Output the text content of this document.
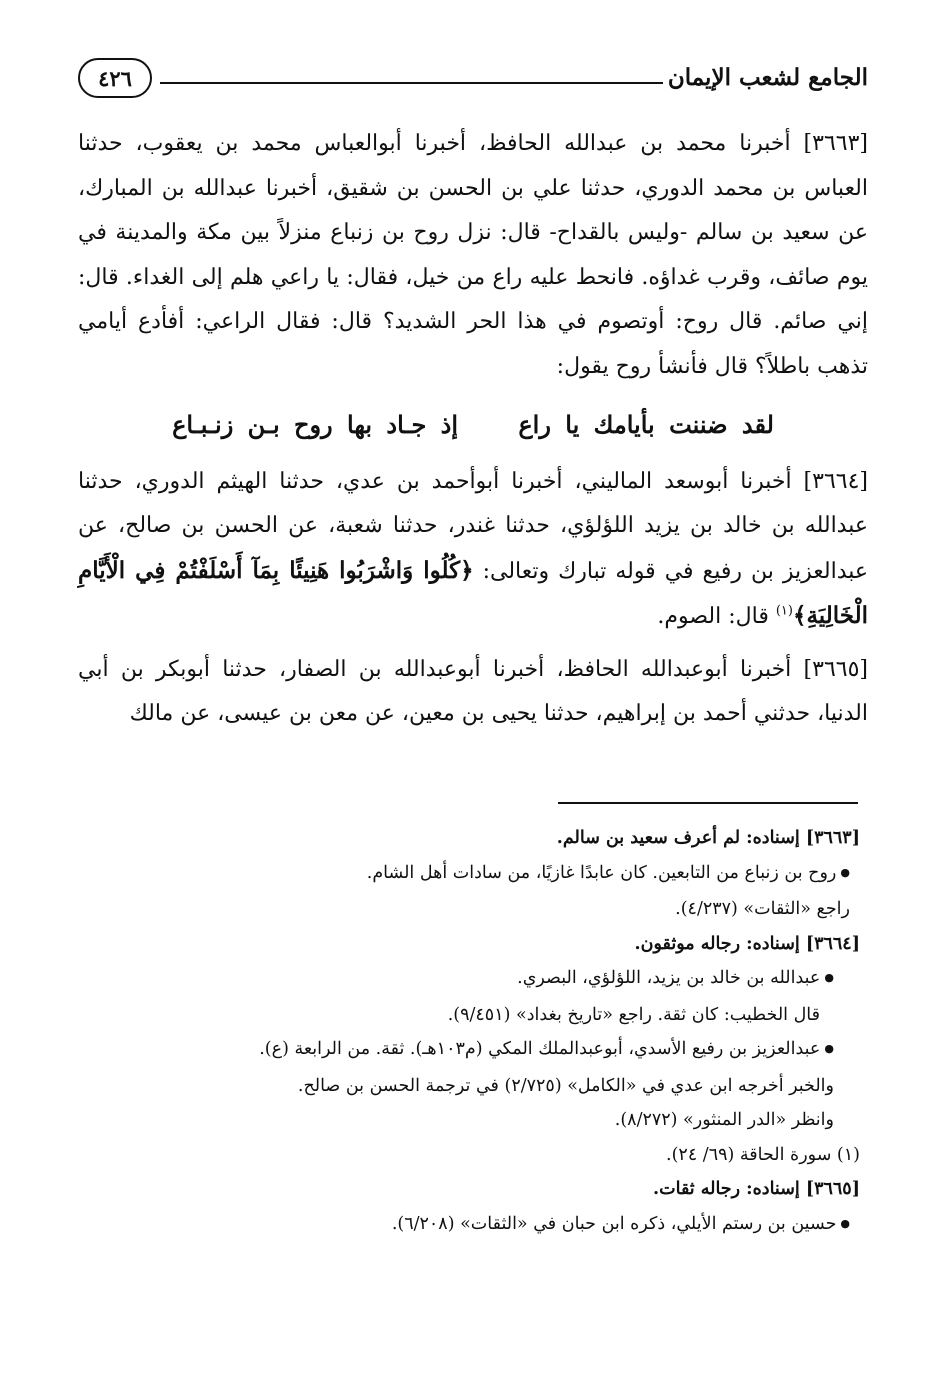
الجامع لشعب الإيمان
٤٢٦

[٣٦٦٣] أخبرنا محمد بن عبدالله الحافظ، أخبرنا أبوالعباس محمد بن يعقوب، حدثنا العباس بن محمد الدوري، حدثنا علي بن الحسن بن شقيق، أخبرنا عبدالله بن المبارك، عن سعيد بن سالم -وليس بالقداح- قال: نزل روح بن زنباع منزلاً بين مكة والمدينة في يوم صائف، وقرب غداؤه. فانحط عليه راع من خيل، فقال: يا راعي هلم إلى الغداء. قال: إني صائم. قال روح: أوتصوم في هذا الحر الشديد؟ قال: فقال الراعي: أفأدع أيامي تذهب باطلاً؟ قال فأنشأ روح يقول:

لقد ضننت بأيامك يا راع إذ جـاد بها روح بـن زنـبـاع

[٣٦٦٤] أخبرنا أبوسعد الماليني، أخبرنا أبوأحمد بن عدي، حدثنا الهيثم الدوري، حدثنا عبدالله بن خالد بن يزيد اللؤلؤي، حدثنا غندر، حدثنا شعبة، عن الحسن بن صالح، عن عبدالعزيز بن رفيع في قوله تبارك وتعالى: ﴿كُلُوا وَاشْرَبُوا هَنِيئًا بِمَآ أَسْلَفْتُمْ فِي الْأَيَّامِ الْخَالِيَةِ﴾$^{(١)}$ قال: الصوم.

[٣٦٦٥] أخبرنا أبوعبدالله الحافظ، أخبرنا أبوعبدالله بن الصفار، حدثنا أبوبكر بن أبي الدنيا، حدثني أحمد بن إبراهيم، حدثنا يحيى بن معين، عن معن بن عيسى، عن مالك

[٣٦٦٣] إسناده: لم أعرف سعيد بن سالم.
● روح بن زنباع من التابعين. كان عابدًا غازيًا، من سادات أهل الشام.
راجع «الثقات» (٤/٢٣٧).
[٣٦٦٤] إسناده: رجاله موثقون.
● عبدالله بن خالد بن يزيد، اللؤلؤي، البصري.
قال الخطيب: كان ثقة. راجع «تاريخ بغداد» (٩/٤٥١).
● عبدالعزيز بن رفيع الأسدي، أبوعبدالملك المكي (م١٠٣هـ). ثقة. من الرابعة (ع).
والخبر أخرجه ابن عدي في «الكامل» (٢/٧٢٥) في ترجمة الحسن بن صالح.
وانظر «الدر المنثور» (٨/٢٧٢).
(١) سورة الحاقة (٦٩/ ٢٤).
[٣٦٦٥] إسناده: رجاله ثقات.
● حسين بن رستم الأيلي، ذكره ابن حبان في «الثقات» (٦/٢٠٨).
